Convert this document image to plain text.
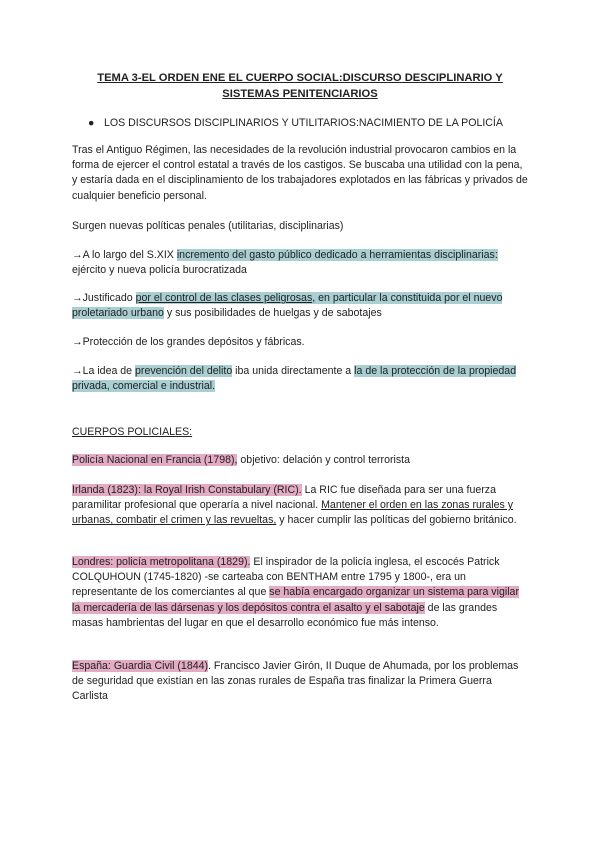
TEMA 3-EL ORDEN ENE EL CUERPO SOCIAL:DISCURSO DESCIPLINARIO Y
SISTEMAS PENITENCIARIOS
● LOS DISCURSOS DISCIPLINARIOS Y UTILITARIOS:NACIMIENTO DE LA POLICÍA

Tras el Antiguo Régimen, las necesidades de la revolución industrial provocaron cambios en la forma de ejercer el control estatal a través de los castigos. Se buscaba una utilidad con la pena, y estaría dada en el disciplinamiento de los trabajadores explotados en las fábricas y privados de cualquier beneficio personal.

Surgen nuevas políticas penales (utilitarias, disciplinarias)

→A lo largo del S.XIX incremento del gasto público dedicado a herramientas disciplinarias: ejército y nueva policía burocratizada

→Justificado por el control de las clases peligrosas, en particular la constituida por el nuevo proletariado urbano y sus posibilidades de huelgas y de sabotajes

→Protección de los grandes depósitos y fábricas.

→La idea de prevención del delito iba unida directamente a la de la protección de la propiedad privada, comercial e industrial.

CUERPOS POLICIALES:

Policía Nacional en Francia (1798), objetivo: delación y control terrorista

Irlanda (1823): la Royal Irish Constabulary (RIC). La RIC fue diseñada para ser una fuerza paramilitar profesional que operaría a nivel nacional. Mantener el orden en las zonas rurales y urbanas, combatir el crimen y las revueltas, y hacer cumplir las políticas del gobierno británico.

Londres: policía metropolitana (1829). El inspirador de la policía inglesa, el escocés Patrick COLQUHOUN (1745-1820) -se carteaba con BENTHAM entre 1795 y 1800-, era un representante de los comerciantes al que se había encargado organizar un sistema para vigilar la mercadería de las dársenas y los depósitos contra el asalto y el sabotaje de las grandes masas hambrientas del lugar en que el desarrollo económico fue más intenso.

España: Guardia Civil (1844). Francisco Javier Girón, II Duque de Ahumada, por los problemas de seguridad que existían en las zonas rurales de España tras finalizar la Primera Guerra Carlista
